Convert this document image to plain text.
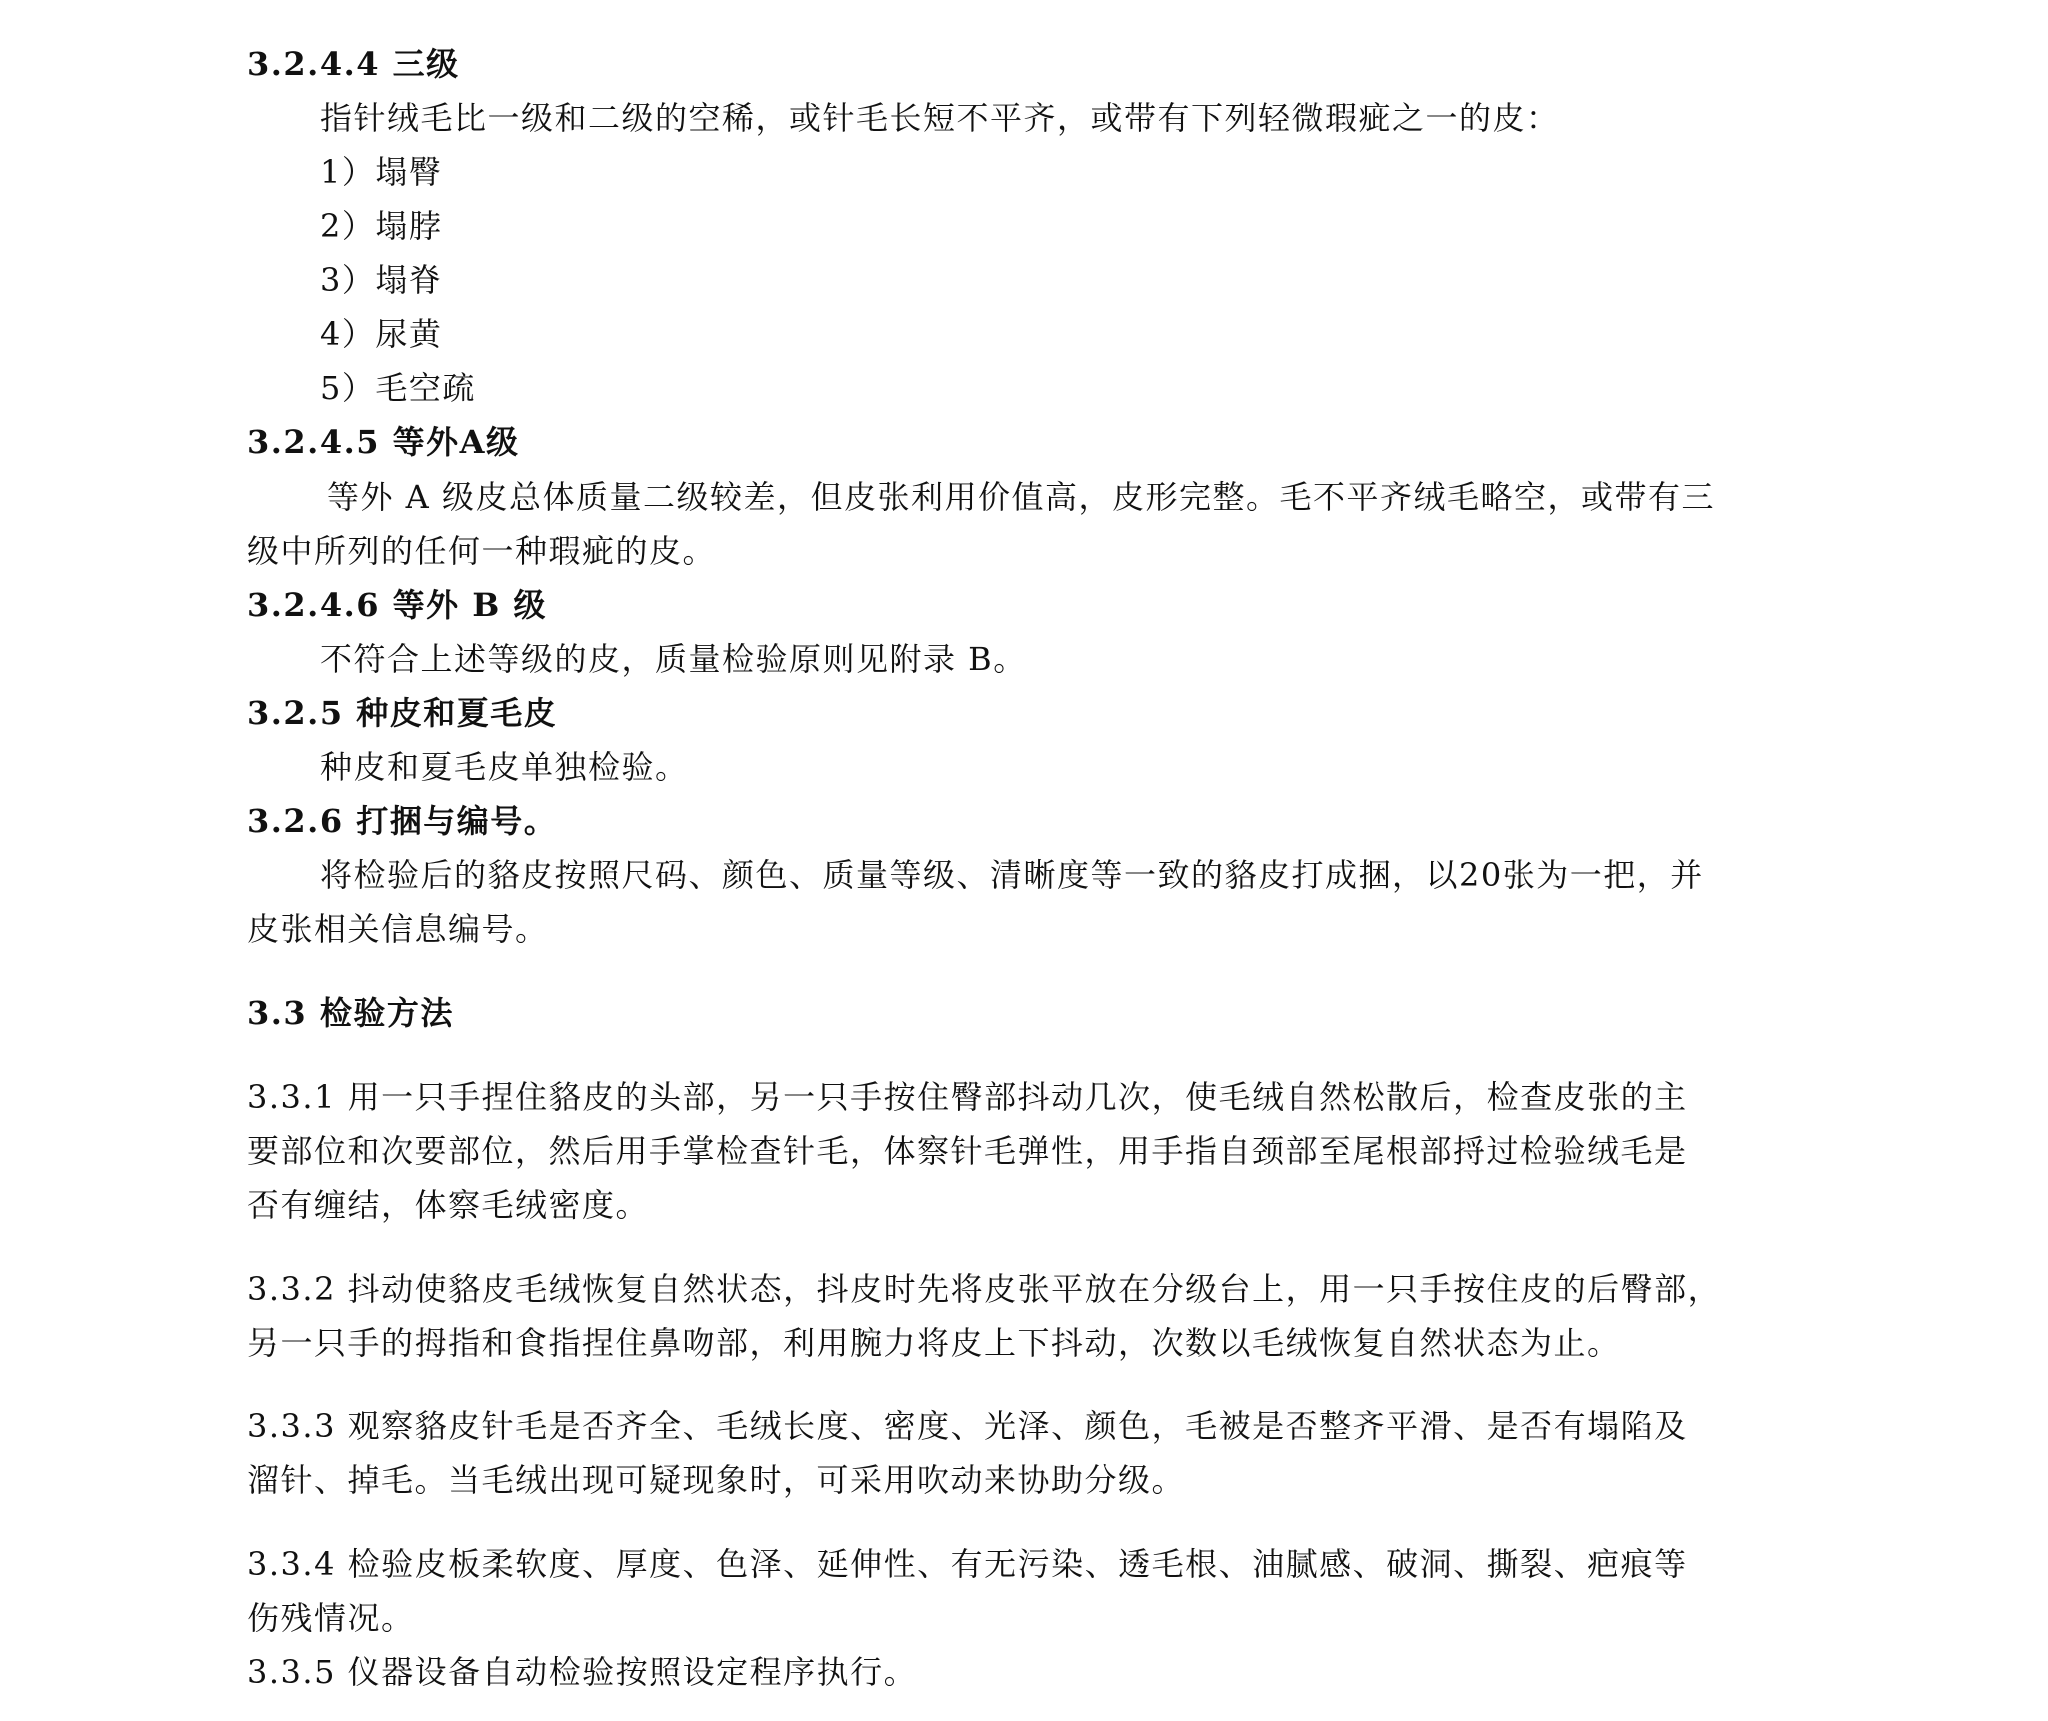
3.2.4.4 三级

指针绒毛比一级和二级的空稀，或针毛长短不平齐，或带有下列轻微瑕疵之一的皮：

1）塌臀

2）塌脖

3）塌脊

4）尿黄

5）毛空疏

3.2.4.5 等外A级

等外 A 级皮总体质量二级较差，但皮张利用价值高，皮形完整。毛不平齐绒毛略空，或带有三

级中所列的任何一种瑕疵的皮。

3.2.4.6 等外 B 级

不符合上述等级的皮，质量检验原则见附录 B。

3.2.5 种皮和夏毛皮

种皮和夏毛皮单独检验。

3.2.6 打捆与编号。

将检验后的貉皮按照尺码、颜色、质量等级、清晰度等一致的貉皮打成捆，以20张为一把，并

皮张相关信息编号。

3.3 检验方法

3.3.1 用一只手捏住貉皮的头部，另一只手按住臀部抖动几次，使毛绒自然松散后，检查皮张的主

要部位和次要部位，然后用手掌检查针毛，体察针毛弹性，用手指自颈部至尾根部捋过检验绒毛是

否有缠结，体察毛绒密度。

3.3.2 抖动使貉皮毛绒恢复自然状态，抖皮时先将皮张平放在分级台上，用一只手按住皮的后臀部，

另一只手的拇指和食指捏住鼻吻部，利用腕力将皮上下抖动，次数以毛绒恢复自然状态为止。

3.3.3 观察貉皮针毛是否齐全、毛绒长度、密度、光泽、颜色，毛被是否整齐平滑、是否有塌陷及

溜针、掉毛。当毛绒出现可疑现象时，可采用吹动来协助分级。

3.3.4 检验皮板柔软度、厚度、色泽、延伸性、有无污染、透毛根、油腻感、破洞、撕裂、疤痕等

伤残情况。

3.3.5 仪器设备自动检验按照设定程序执行。
